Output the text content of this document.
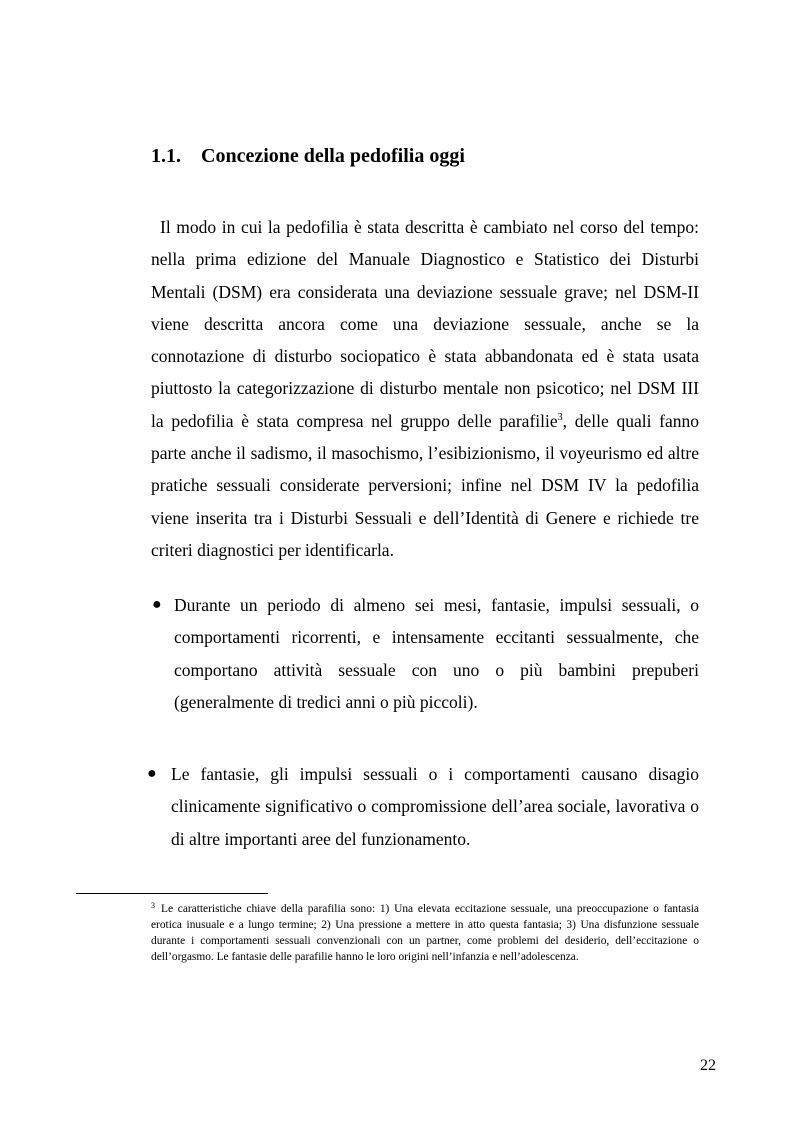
1.1. Concezione della pedofilia oggi

Il modo in cui la pedofilia è stata descritta è cambiato nel corso del tempo: nella prima edizione del Manuale Diagnostico e Statistico dei Disturbi Mentali (DSM) era considerata una deviazione sessuale grave; nel DSM-II viene descritta ancora come una deviazione sessuale, anche se la connotazione di disturbo sociopatico è stata abbandonata ed è stata usata piuttosto la categorizzazione di disturbo mentale non psicotico; nel DSM III la pedofilia è stata compresa nel gruppo delle parafilie$^3$, delle quali fanno parte anche il sadismo, il masochismo, l’esibizionismo, il voyeurismo ed altre pratiche sessuali considerate perversioni; infine nel DSM IV la pedofilia viene inserita tra i Disturbi Sessuali e dell’Identità di Genere e richiede tre criteri diagnostici per identificarla.

● Durante un periodo di almeno sei mesi, fantasie, impulsi sessuali, o comportamenti ricorrenti, e intensamente eccitanti sessualmente, che comportano attività sessuale con uno o più bambini prepuberi (generalmente di tredici anni o più piccoli).
● Le fantasie, gli impulsi sessuali o i comportamenti causano disagio clinicamente significativo o compromissione dell’area sociale, lavorativa o di altre importanti aree del funzionamento.

$^3$ Le caratteristiche chiave della parafilia sono: 1) Una elevata eccitazione sessuale, una preoccupazione o fantasia erotica inusuale e a lungo termine; 2) Una pressione a mettere in atto questa fantasia; 3) Una disfunzione sessuale durante i comportamenti sessuali convenzionali con un partner, come problemi del desiderio, dell’eccitazione o dell’orgasmo. Le fantasie delle parafilie hanno le loro origini nell’infanzia e nell’adolescenza.

22
